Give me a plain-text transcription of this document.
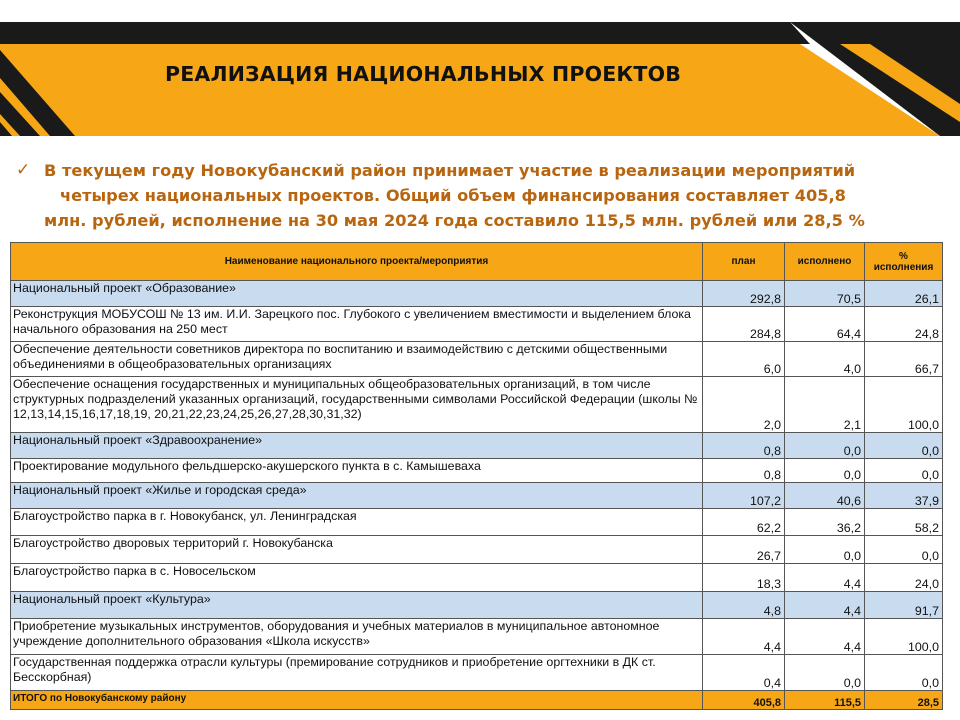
РЕАЛИЗАЦИЯ НАЦИОНАЛЬНЫХ ПРОЕКТОВ
✓ В текущем году Новокубанский район принимает участие в реализации мероприятий
четырех национальных проектов. Общий объем финансирования составляет 405,8
млн. рублей, исполнение на 30 мая 2024 года составило 115,5 млн. рублей или 28,5 %
Наименование национального проекта/мероприятия	план	исполнено	%
исполнения

Национальный проект «Образование»	292,8	70,5	26,1
Реконструкция МОБУСОШ № 13 им. И.И. Зарецкого пос. Глубокого с увеличением вместимости и выделением блока начального образования на 250 мест	284,8	64,4	24,8
Обеспечение деятельности советников директора по воспитанию и взаимодействию с детскими общественными объединениями в общеобразовательных организациях	6,0	4,0	66,7
Обеспечение оснащения государственных и муниципальных общеобразовательных организаций, в том числе структурных подразделений указанных организаций, государственными символами Российской Федерации (школы № 12,13,14,15,16,17,18,19, 20,21,22,23,24,25,26,27,28,30,31,32)	2,0	2,1	100,0
Национальный проект «Здравоохранение»	0,8	0,0	0,0
Проектирование модульного фельдшерско-акушерского пункта в с. Камышеваха	0,8	0,0	0,0
Национальный проект «Жилье и городская среда»	107,2	40,6	37,9
Благоустройство парка в г. Новокубанск, ул. Ленинградская	62,2	36,2	58,2
Благоустройство дворовых территорий г. Новокубанска	26,7	0,0	0,0
Благоустройство парка в с. Новосельском	18,3	4,4	24,0
Национальный проект «Культура»	4,8	4,4	91,7
Приобретение музыкальных инструментов, оборудования и учебных материалов в муниципальное автономное учреждение дополнительного образования «Школа искусств»	4,4	4,4	100,0
Государственная поддержка отрасли культуры (премирование сотрудников и приобретение оргтехники в ДК ст. Бесскорбная)	0,4	0,0	0,0
ИТОГО по Новокубанскому району	405,8	115,5	28,5
